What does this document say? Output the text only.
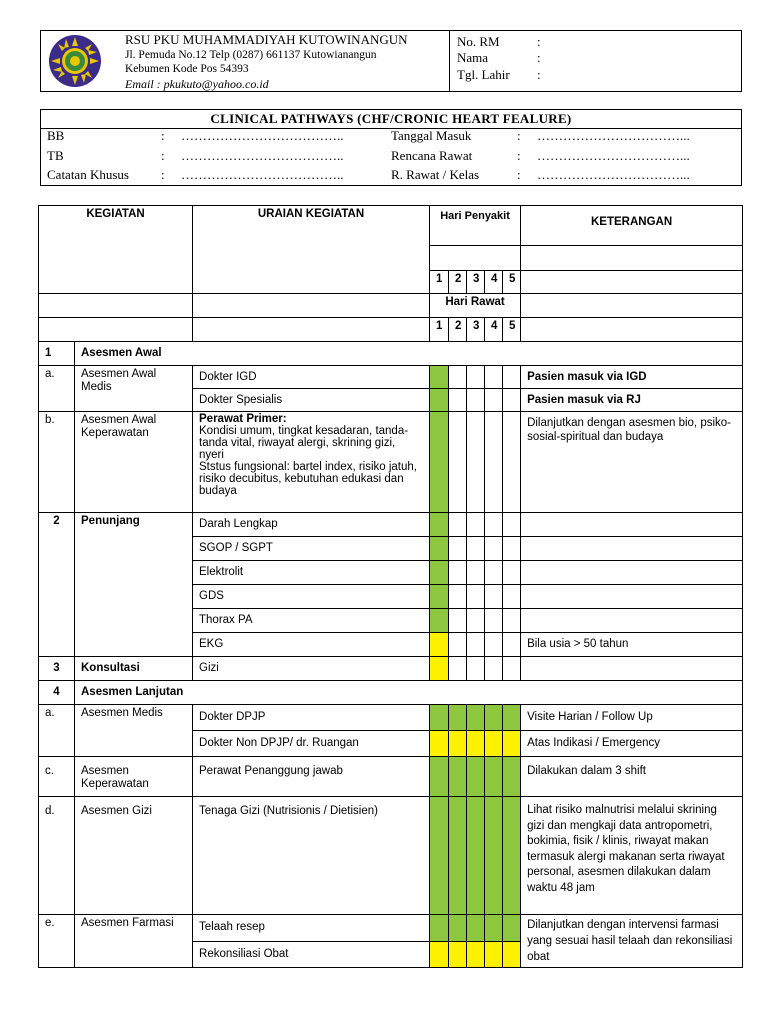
RSU PKU MUHAMMADIYAH KUTOWINANGUN
Jl. Pemuda No.12 Telp (0287) 661137 Kutowianangun
Kebumen Kode Pos 54393
Email : pkukuto@yahoo.co.id
No. RM	:
Nama	:
Tgl. Lahir :
CLINICAL PATHWAYS (CHF/CRONIC HEART FEALURE)
BB	: ………………………………..
TB	: ………………………………..
Catatan Khusus : ………………………………..
Tanggal Masuk	: ……………………………...
Rencana Rawat	: ……………………………...
R. Rawat / Kelas	: ……………………………...
KEGIATAN		URAIAN KEGIATAN	Hari Penyakit					KETERANGAN

			1	2	3	4	5	
			Hari Rawat					
			1	2	3	4	5	
1	Asesmen Awal							
a.	Asesmen Awal Medis	Dokter IGD						Pasien masuk via IGD
		Dokter Spesialis						Pasien masuk via RJ
b.	Asesmen Awal Keperawatan	Perawat Primer:
Kondisi umum, tingkat kesadaran, tanda-tanda vital, riwayat alergi, skrining gizi, nyeri
Ststus fungsional: bartel index, risiko jatuh, risiko decubitus, kebutuhan edukasi dan budaya						Dilanjutkan dengan asesmen bio, psiko-sosial-spiritual dan budaya
2	Penunjang	Darah Lengkap						
		SGOP / SGPT						
		Elektrolit						
		GDS						
		Thorax PA						
		EKG						Bila usia > 50 tahun
3	Konsultasi	Gizi						
4	Asesmen Lanjutan							
a.	Asesmen Medis	Dokter DPJP						Visite Harian / Follow Up
		Dokter Non DPJP/ dr. Ruangan						Atas Indikasi / Emergency
c.	Asesmen Keperawatan	Perawat Penanggung jawab						Dilakukan dalam 3 shift
d.	Asesmen Gizi	Tenaga Gizi (Nutrisionis / Dietisien)						Lihat risiko malnutrisi melalui skrining gizi dan mengkaji data antropometri, bokimia, fisik / klinis, riwayat makan termasuk alergi makanan serta riwayat personal, asesmen dilakukan dalam waktu 48 jam
e.	Asesmen Farmasi	Telaah resep						Dilanjutkan dengan intervensi farmasi yang sesuai hasil telaah dan rekonsiliasi obat
		Rekonsiliasi Obat						
